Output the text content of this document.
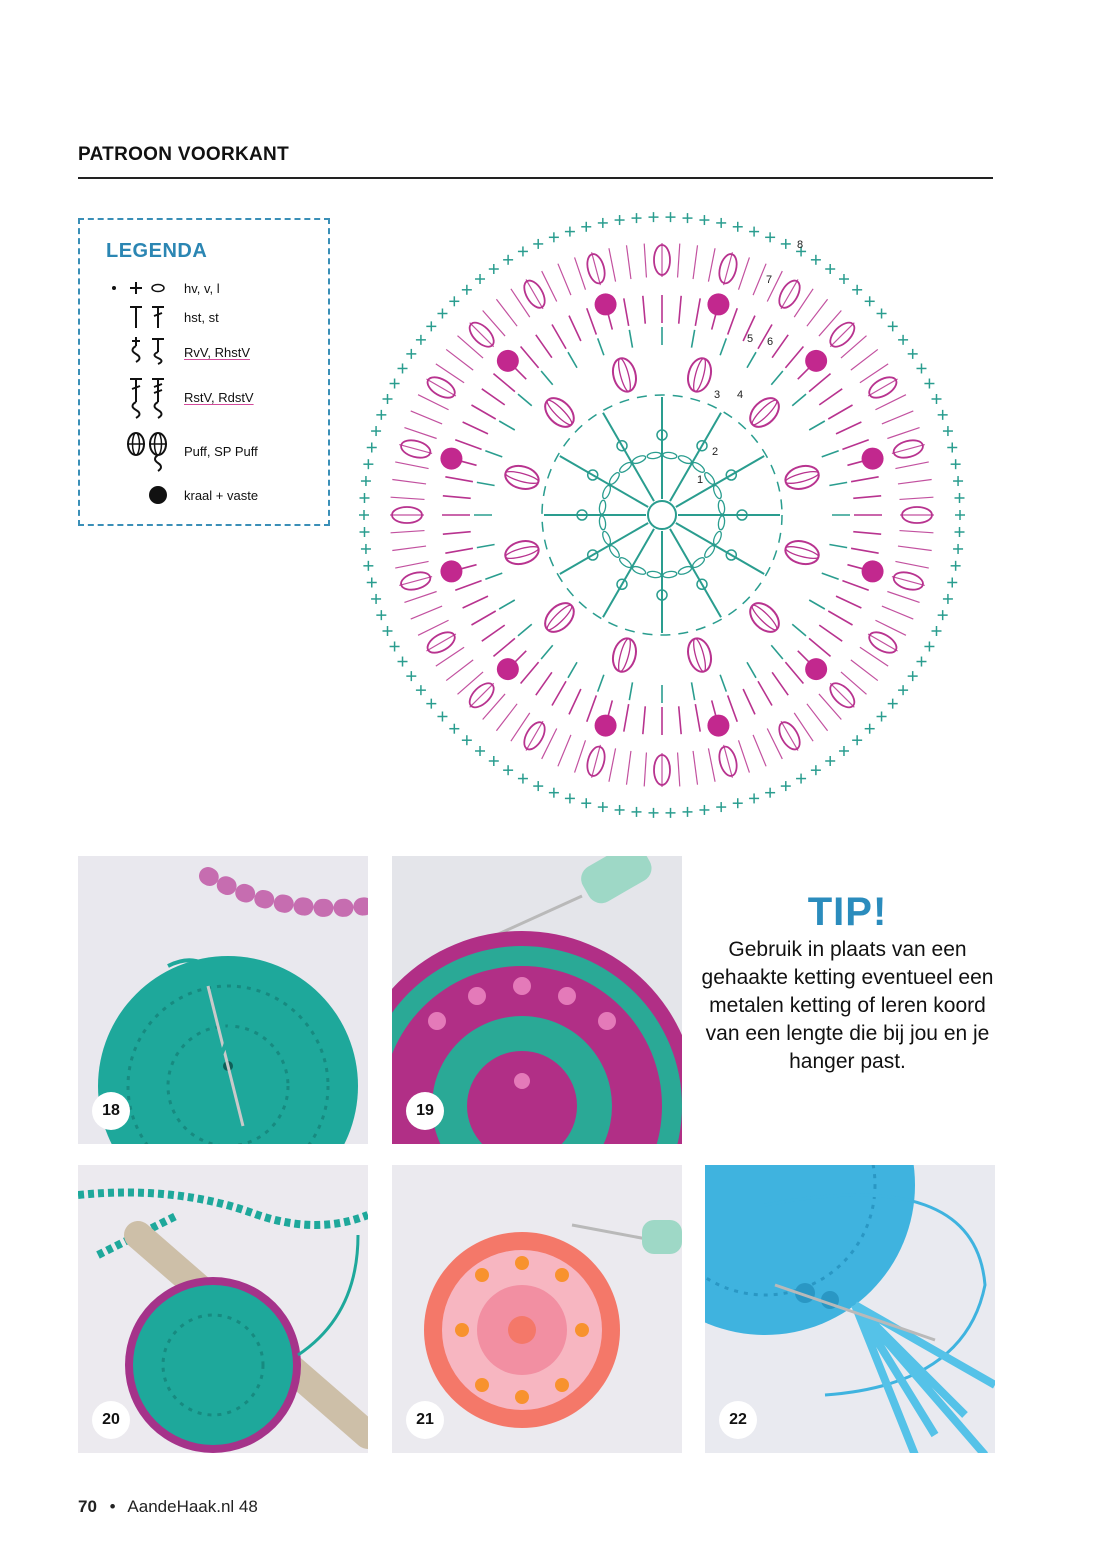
PATROON VOORKANT
LEGENDA
hv, v, l
hst, st
RvV, RhstV
RstV, RdstV
Puff, SP Puff
kraal + vaste
1
2
3 4
5 6
7
8
18	19
20	21	22
TIP!
Gebruik in plaats van een
gehaakte ketting eventueel een
metalen ketting of leren koord
van een lengte die bij jou en je
hanger past.
70 • AandeHaak.nl 48
